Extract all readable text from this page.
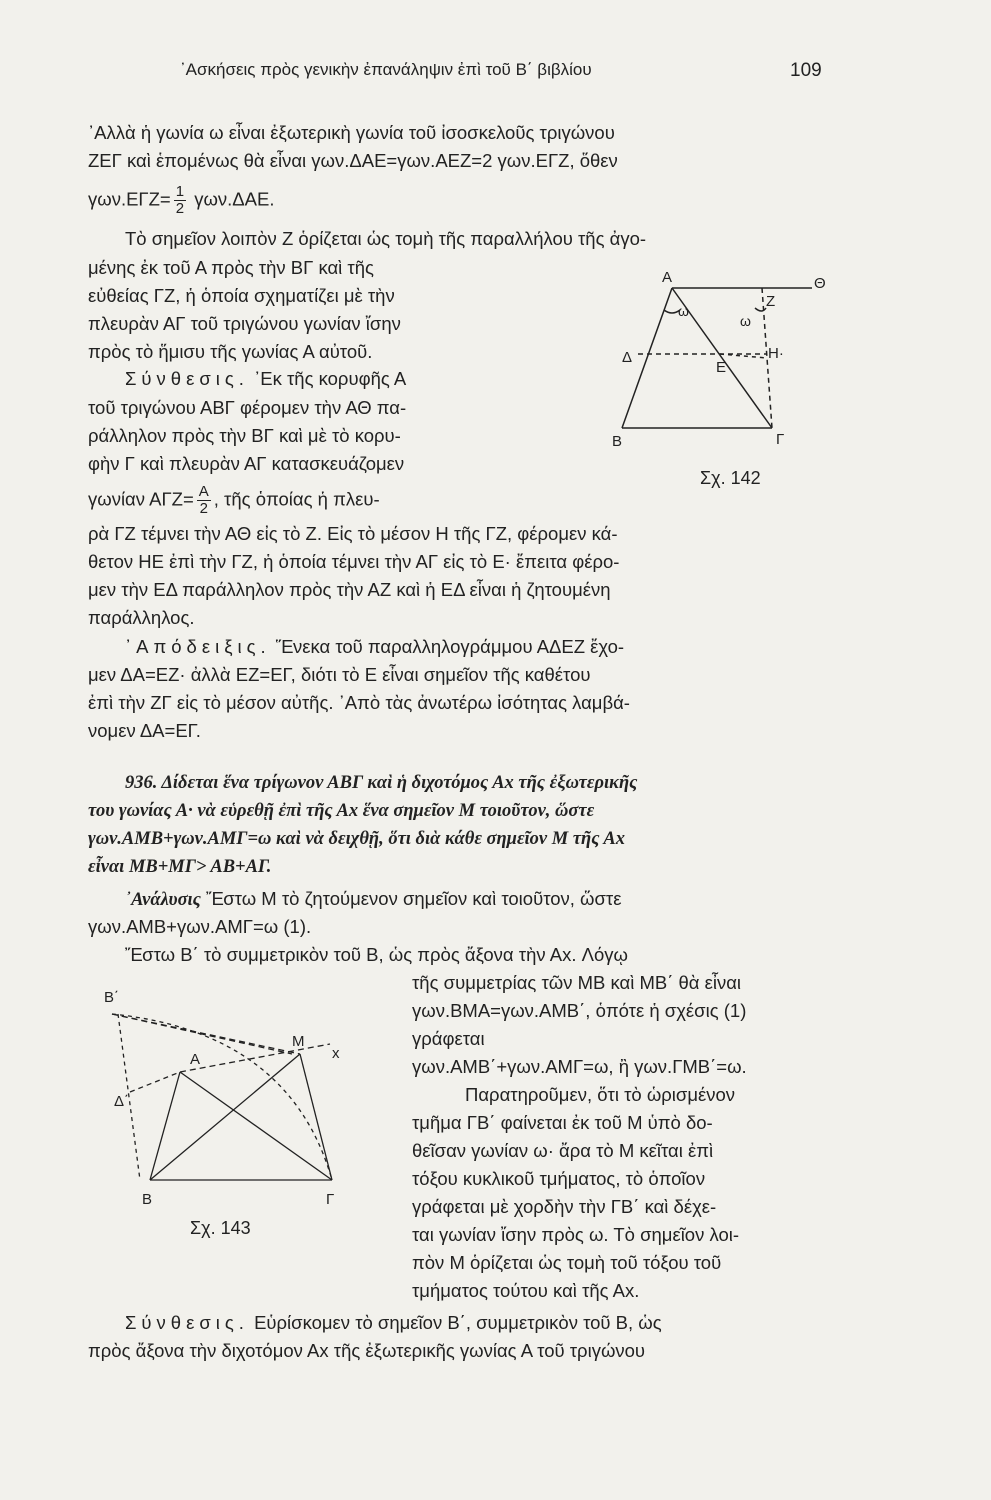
᾿Ασκήσεις πρὸς γενικὴν ἐπανάληψιν ἐπὶ τοῦ Β΄ βιβλίου	109
᾿Αλλὰ ἡ γωνία ω εἶναι ἐξωτερικὴ γωνία τοῦ ἰσοσκελοῦς τριγώνου
ΖΕΓ καὶ ἑπομένως θὰ εἶναι γων.ΔΑΕ=γων.ΑΕΖ=2 γων.ΕΓΖ, ὅθεν
$\gamma\omega\nu.E\Gamma Z= \frac{1}{2} \gamma\omega\nu.\Delta AE$.
Τὸ σημεῖον λοιπὸν Ζ ὁρίζεται ὡς τομὴ τῆς παραλλήλου τῆς ἀγο-
μένης ἐκ τοῦ Α πρὸς τὴν ΒΓ καὶ τῆς
εὐθείας ΓΖ, ἡ ὁποία σχηματίζει μὲ τὴν
πλευρὰν ΑΓ τοῦ τριγώνου γωνίαν ἴσην
πρὸς τὸ ἥμισυ τῆς γωνίας Α αὐτοῦ.
Σύνθεσις. ᾿Εκ τῆς κορυφῆς Α
τοῦ τριγώνου ΑΒΓ φέρομεν τὴν ΑΘ πα-
ράλληλον πρὸς τὴν ΒΓ καὶ μὲ τὸ κορυ-
φὴν Γ καὶ πλευρὰν ΑΓ κατασκευάζομεν
γωνίαν $A\Gamma Z= \frac{A}{2}$ , τῆς ὁποίας ἡ πλευ-
ρὰ ΓΖ τέμνει τὴν ΑΘ εἰς τὸ Ζ. Εἰς τὸ μέσον Η τῆς ΓΖ, φέρομεν κά-
θετον ΗΕ ἐπὶ τὴν ΓΖ, ἡ ὁποία τέμνει τὴν ΑΓ εἰς τὸ Ε· ἔπειτα φέρο-
μεν τὴν ΕΔ παράλληλον πρὸς τὴν ΑΖ καὶ ἡ ΕΔ εἶναι ἡ ζητουμένη
παράλληλος.
᾿Απόδειξις. Ἕνεκα τοῦ παραλληλογράμμου ΑΔΕΖ ἔχο-
μεν ΔΑ=ΕΖ· ἀλλὰ ΕΖ=ΕΓ, διότι τὸ Ε εἶναι σημεῖον τῆς καθέτου
ἐπὶ τὴν ΖΓ εἰς τὸ μέσον αὐτῆς. ᾿Απὸ τὰς ἀνωτέρω ἰσότητας λαμβά-
νομεν ΔΑ=ΕΓ.
936. Δίδεται ἕνα τρίγωνον ΑΒΓ καὶ ἡ διχοτόμος Αx τῆς ἐξωτερικῆς
του γωνίας Α· νὰ εὑρεθῇ ἐπὶ τῆς Αx ἕνα σημεῖον Μ τοιοῦτον, ὥστε
γων.ΑΜΒ+γων.ΑΜΓ=ω καὶ νὰ δειχθῇ, ὅτι διὰ κάθε σημεῖον Μ τῆς Αx
εἶναι ΜΒ+ΜΓ> ΑΒ+ΑΓ.
᾿Ανάλυσις Ἔστω Μ τὸ ζητούμενον σημεῖον καὶ τοιοῦτον, ὥστε
γων.ΑΜΒ+γων.ΑΜΓ=ω (1).
Ἔστω Β΄ τὸ συμμετρικὸν τοῦ Β, ὡς πρὸς ἄξονα τὴν Αx. Λόγῳ
τῆς συμμετρίας τῶν ΜΒ καὶ ΜΒ΄ θὰ εἶναι
γων.ΒΜΑ=γων.ΑΜΒ΄, ὁπότε ἡ σχέσις (1)
γράφεται
γων.ΑΜΒ΄+γων.ΑΜΓ=ω, ἢ γων.ΓΜΒ΄=ω.
Παρατηροῦμεν, ὅτι τὸ ὡρισμένον
τμῆμα ΓΒ΄ φαίνεται ἐκ τοῦ Μ ὑπὸ δο-
θεῖσαν γωνίαν ω· ἄρα τὸ Μ κεῖται ἐπὶ
τόξου κυκλικοῦ τμήματος, τὸ ὁποῖον
γράφεται μὲ χορδὴν τὴν ΓΒ΄ καὶ δέχε-
ται γωνίαν ἴσην πρὸς ω. Τὸ σημεῖον λοι-
πὸν Μ ὁρίζεται ὡς τομὴ τοῦ τόξου τοῦ
τμήματος τούτου καὶ τῆς Αx.
Σύνθεσις. Εὑρίσκομεν τὸ σημεῖον Β΄, συμμετρικὸν τοῦ Β, ὡς
πρὸς ἄξονα τὴν διχοτόμον Αx τῆς ἐξωτερικῆς γωνίας Α τοῦ τριγώνου
Α	Θ
Ζ
ω
ω
Δ
Ε
Η·
Β	Γ
Σχ. 142
Β΄
Α
Μ
x
Δ΄
Β	Γ
Σχ. 143
